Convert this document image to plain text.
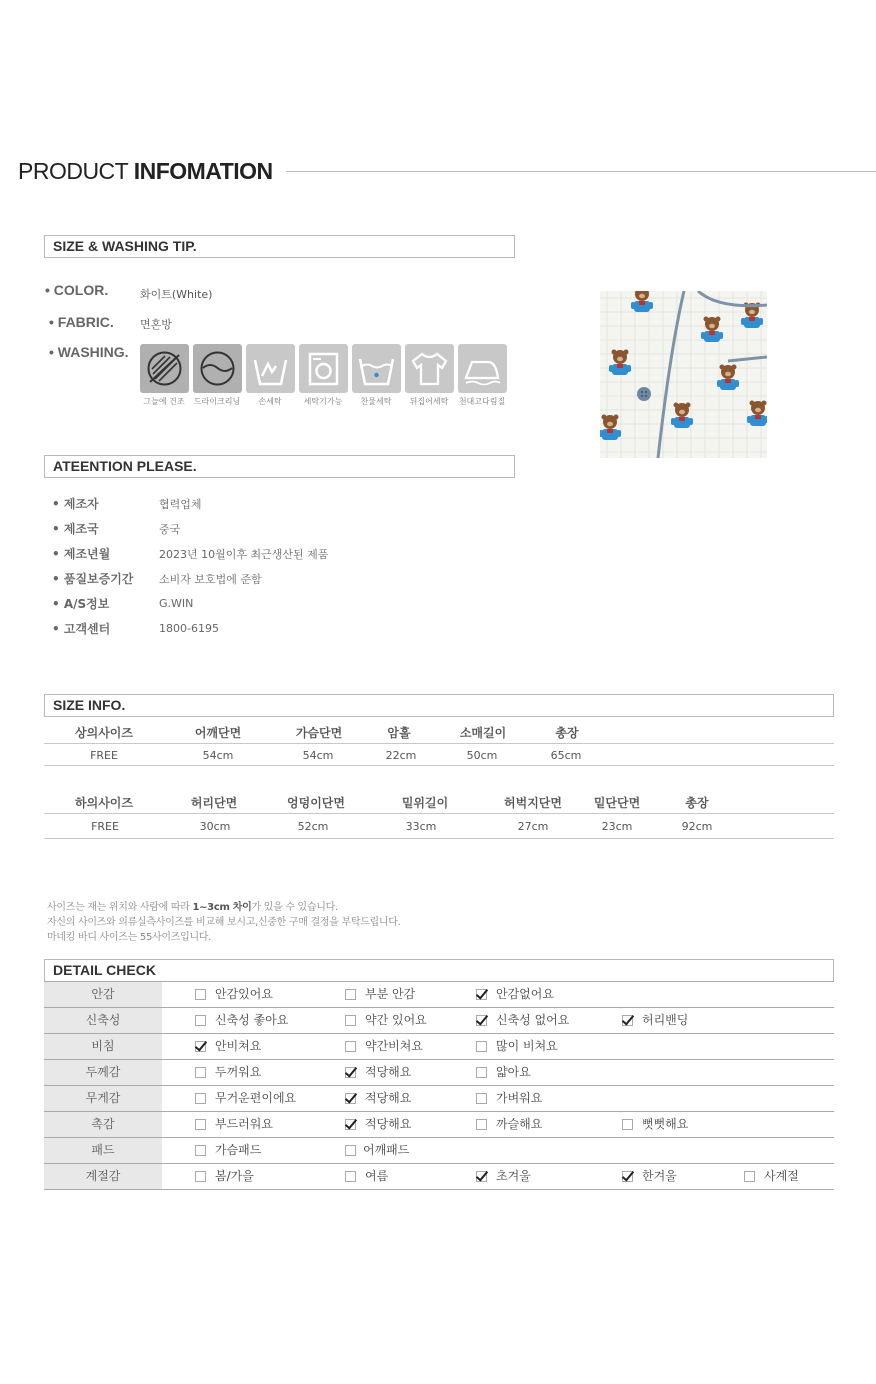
PRODUCT INFOMATION
SIZE & WASHING TIP.
• COLOR.	화이트(White)
• FABRIC. 면혼방
• WASHING.
그늘에 건조	드라이크리닝	손세탁	세탁기가능	찬물세탁	뒤집어세탁	천대고다림질
ATEENTION PLEASE.
• 제조자	협력업체
• 제조국	중국
• 제조년월	2023년 10월이후 최근생산된 제품
• 품질보증기간 소비자 보호법에 준함
• A/S정보	G.WIN
• 고객센터	1800-6195
SIZE INFO.
상의사이즈	어깨단면	가슴단면	암홀	소매길이	총장
FREE	54cm	54cm	22cm	50cm	65cm
하의사이즈	허리단면	엉덩이단면	밑위길이	허벅지단면	밑단단면	총장
FREE	30cm	52cm	33cm	27cm	23cm	92cm
사이즈는 재는 위치와 사람에 따라 1~3cm 차이가 있을 수 있습니다.
자신의 사이즈와 의류실측사이즈를 비교해 보시고,신중한 구매 결정을 부탁드립니다.
마네킹 바디 사이즈는 55사이즈입니다.
DETAIL CHECK
안감	안감있어요	부분 안감	안감없어요
신축성	신축성 좋아요	약간 있어요	신축성 없어요	허리밴딩
비침	안비쳐요	약간비쳐요	많이 비쳐요
두께감	두꺼워요	적당해요	얇아요
무게감	무거운편이에요	적당해요	가벼워요
촉감	부드러워요	적당해요	까슬해요	뻣뻣해요
패드	가슴패드	어깨패드
계절감	봄/가을	여름	초겨울	한겨울	사계절
